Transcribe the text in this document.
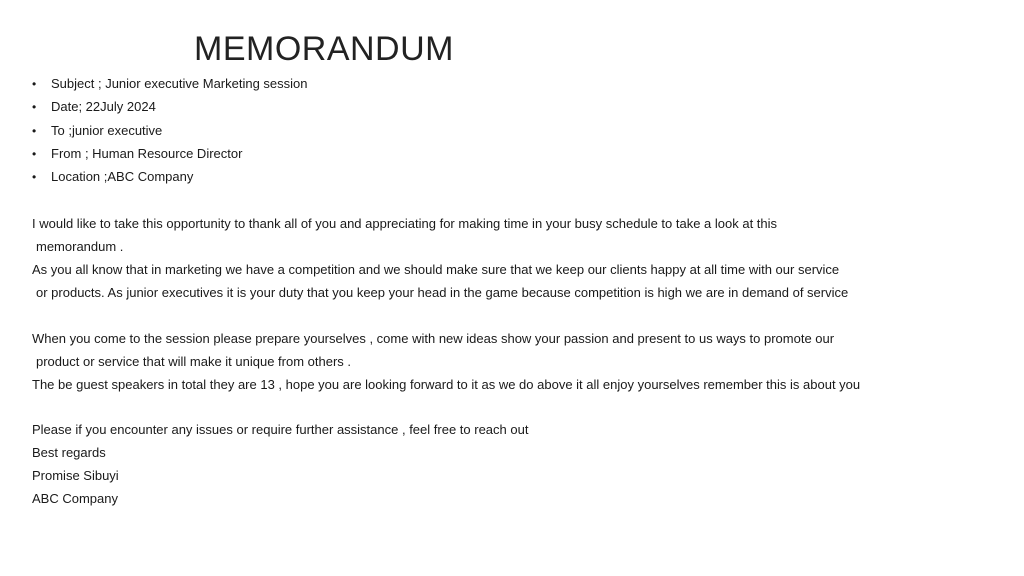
MEMORANDUM
•	Subject ; Junior executive Marketing session
•	Date; 22July 2024
•	To ;junior executive
•	From ; Human Resource Director
•	Location ;ABC Company

I would like to take this opportunity to thank all of you and appreciating for making time in your busy schedule to take a look at this

memorandum .

As you all know that in marketing we have a competition and we should make sure that we keep our clients happy at all time with our service

or products. As junior executives it is your duty that you keep your head in the game because competition is high we are in demand of service

When you come to the session please prepare yourselves , come with new ideas show your passion and present to us ways to promote our

product or service that will make it unique from others .

The be guest speakers in total they are 13 , hope you are looking forward to it as we do above it all enjoy yourselves remember this is about you

Please if you encounter any issues or require further assistance , feel free to reach out

Best regards

Promise Sibuyi

ABC Company
